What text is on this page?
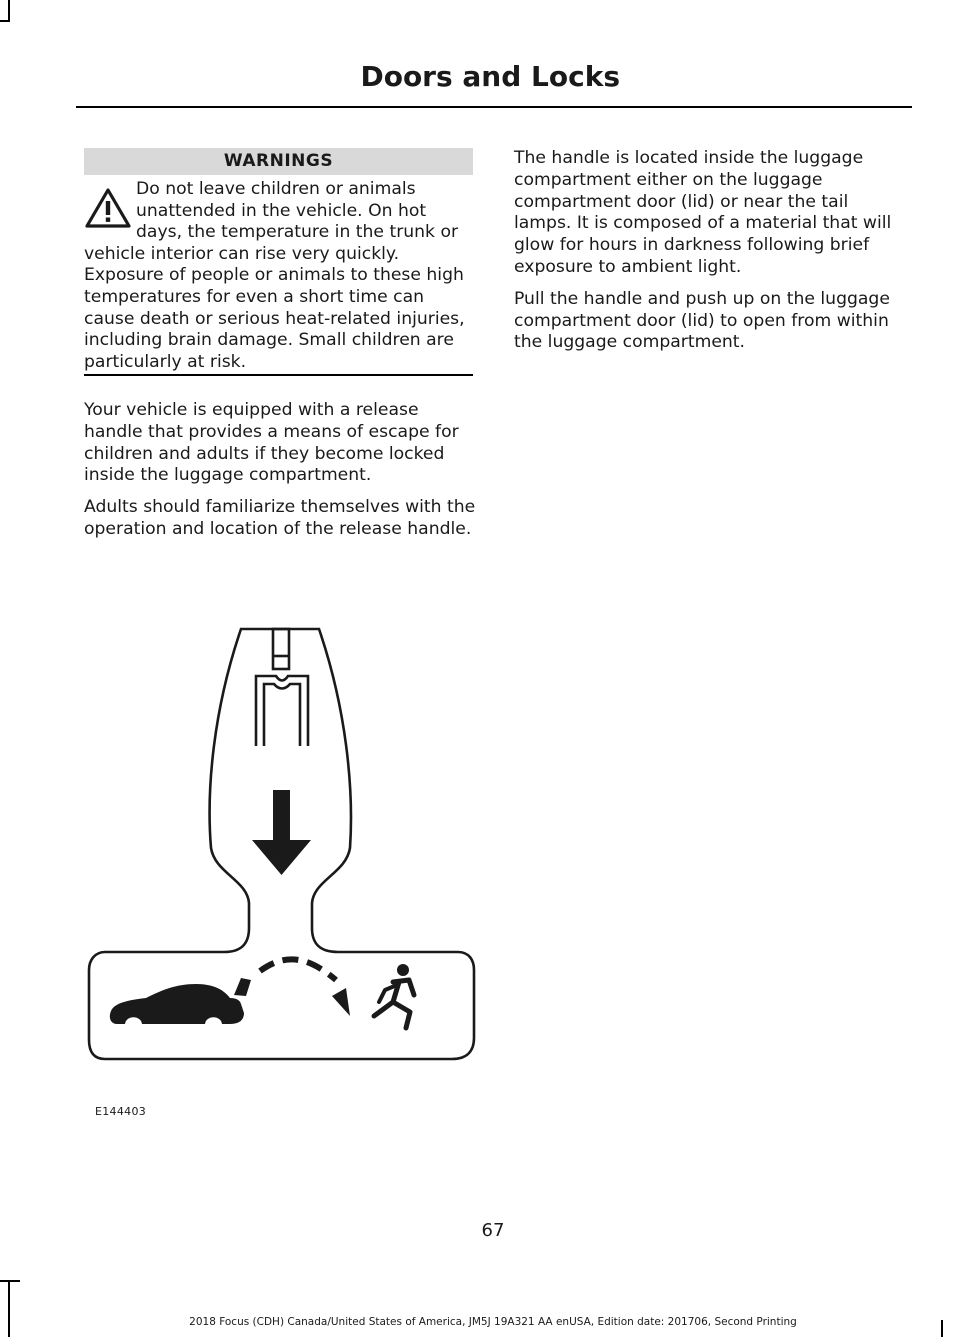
Doors and Locks
WARNINGS
Do not leave children or animals unattended in the vehicle. On hot days, the temperature in the trunk or
vehicle interior can rise very quickly. Exposure of people or animals to these high temperatures for even a short time can cause death or serious heat-related injuries, including brain damage. Small children are particularly at risk.

Your vehicle is equipped with a release handle that provides a means of escape for children and adults if they become locked inside the luggage compartment.

Adults should familiarize themselves with the operation and location of the release handle.

The handle is located inside the luggage compartment either on the luggage compartment door (lid) or near the tail lamps. It is composed of a material that will glow for hours in darkness following brief exposure to ambient light.

Pull the handle and push up on the luggage compartment door (lid) to open from within the luggage compartment.

E144403
67
2018 Focus (CDH) Canada/United States of America, JM5J 19A321 AA enUSA, Edition date: 201706, Second Printing
